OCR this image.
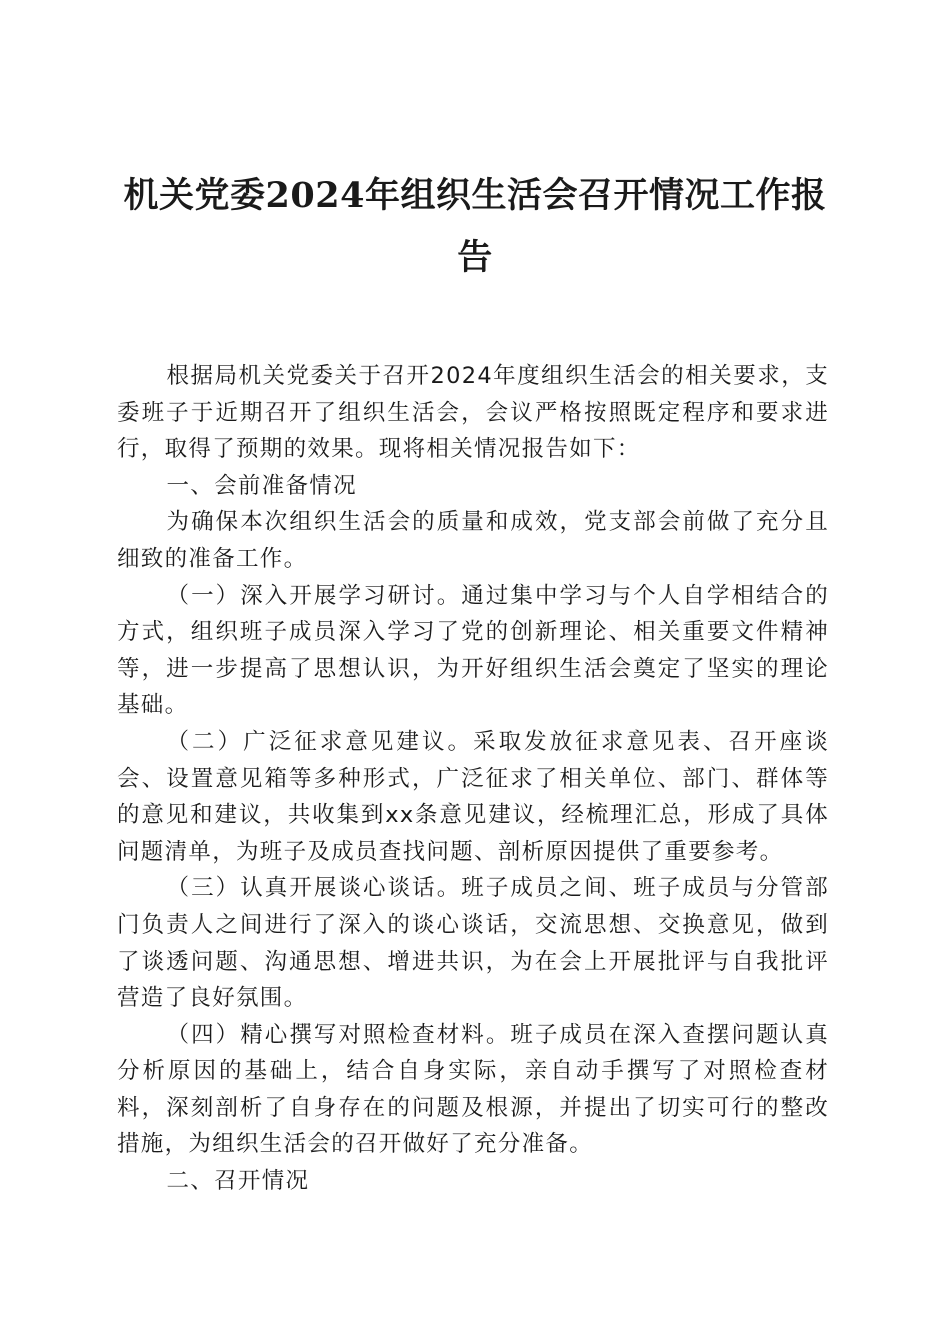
机关党委2024年组织生活会召开情况工作报告

根据局机关党委关于召开2024年度组织生活会的相关要求，支委班子于近期召开了组织生活会，会议严格按照既定程序和要求进行，取得了预期的效果。现将相关情况报告如下：

一、会前准备情况

为确保本次组织生活会的质量和成效，党支部会前做了充分且细致的准备工作。

（一）深入开展学习研讨。通过集中学习与个人自学相结合的方式，组织班子成员深入学习了党的创新理论、相关重要文件精神等，进一步提高了思想认识，为开好组织生活会奠定了坚实的理论基础。

（二）广泛征求意见建议。采取发放征求意见表、召开座谈会、设置意见箱等多种形式，广泛征求了相关单位、部门、群体等的意见和建议，共收集到xx条意见建议，经梳理汇总，形成了具体问题清单，为班子及成员查找问题、剖析原因提供了重要参考。

（三）认真开展谈心谈话。班子成员之间、班子成员与分管部门负责人之间进行了深入的谈心谈话，交流思想、交换意见，做到了谈透问题、沟通思想、增进共识，为在会上开展批评与自我批评营造了良好氛围。

（四）精心撰写对照检查材料。班子成员在深入查摆问题认真分析原因的基础上，结合自身实际，亲自动手撰写了对照检查材料，深刻剖析了自身存在的问题及根源，并提出了切实可行的整改措施，为组织生活会的召开做好了充分准备。

二、召开情况
